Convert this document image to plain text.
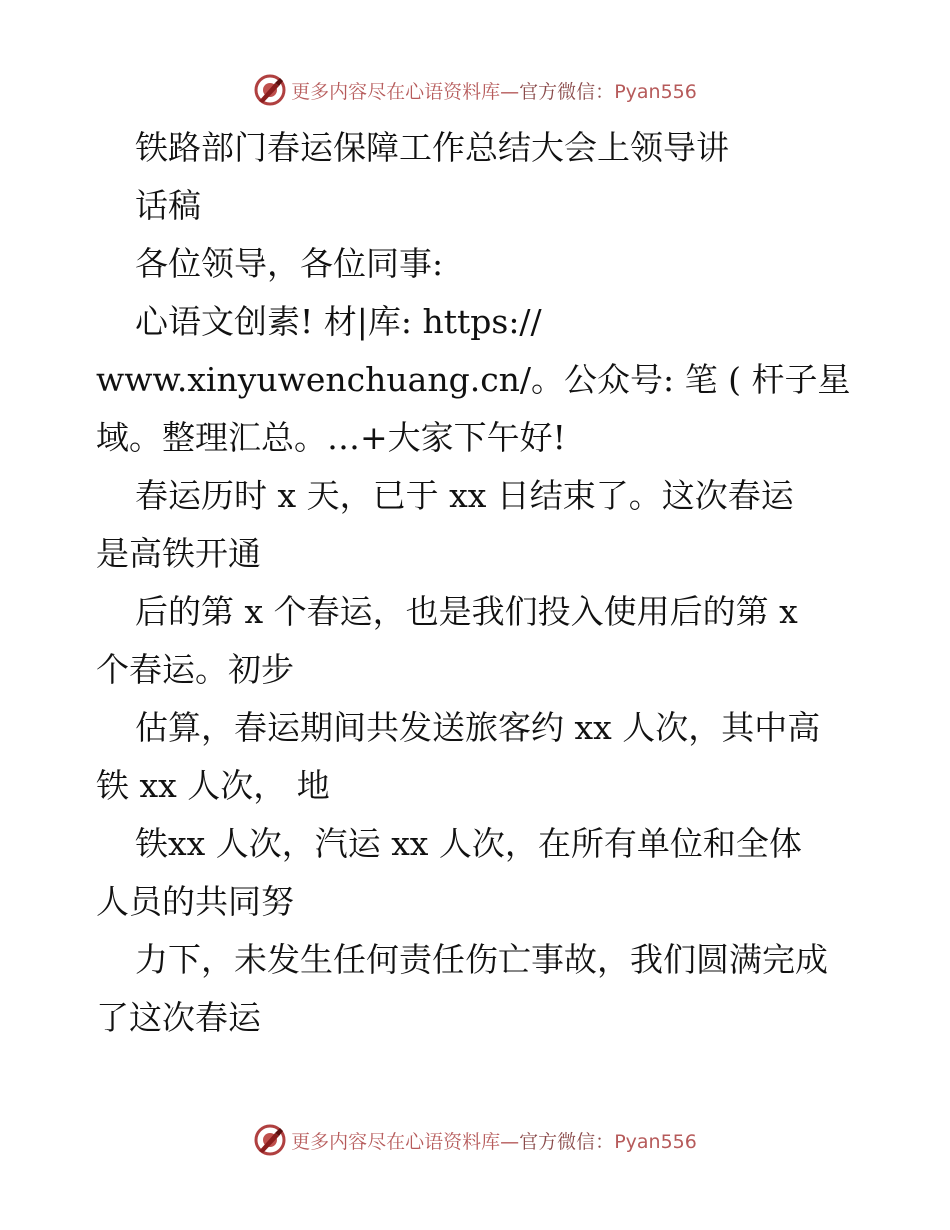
更多内容尽在心语资料库—官方微信：Pyan556
铁路部门春运保障工作总结大会上领导讲
话稿
各位领导，各位同事:
心语文创素! 材|库: https://
www.xinyuwenchuang.cn/。公众号: 笔 ( 杆子星
域。整理汇总。…+大家下午好!
春运历时 x 天，已于 xx 日结束了。这次春运
是高铁开通
后的第 x 个春运，也是我们投入使用后的第 x
个春运。初步
估算，春运期间共发送旅客约 xx 人次，其中高
铁 xx 人次， 地
铁xx 人次，汽运 xx 人次，在所有单位和全体
人员的共同努
力下，未发生任何责任伤亡事故，我们圆满完成
了这次春运
更多内容尽在心语资料库—官方微信：Pyan556
